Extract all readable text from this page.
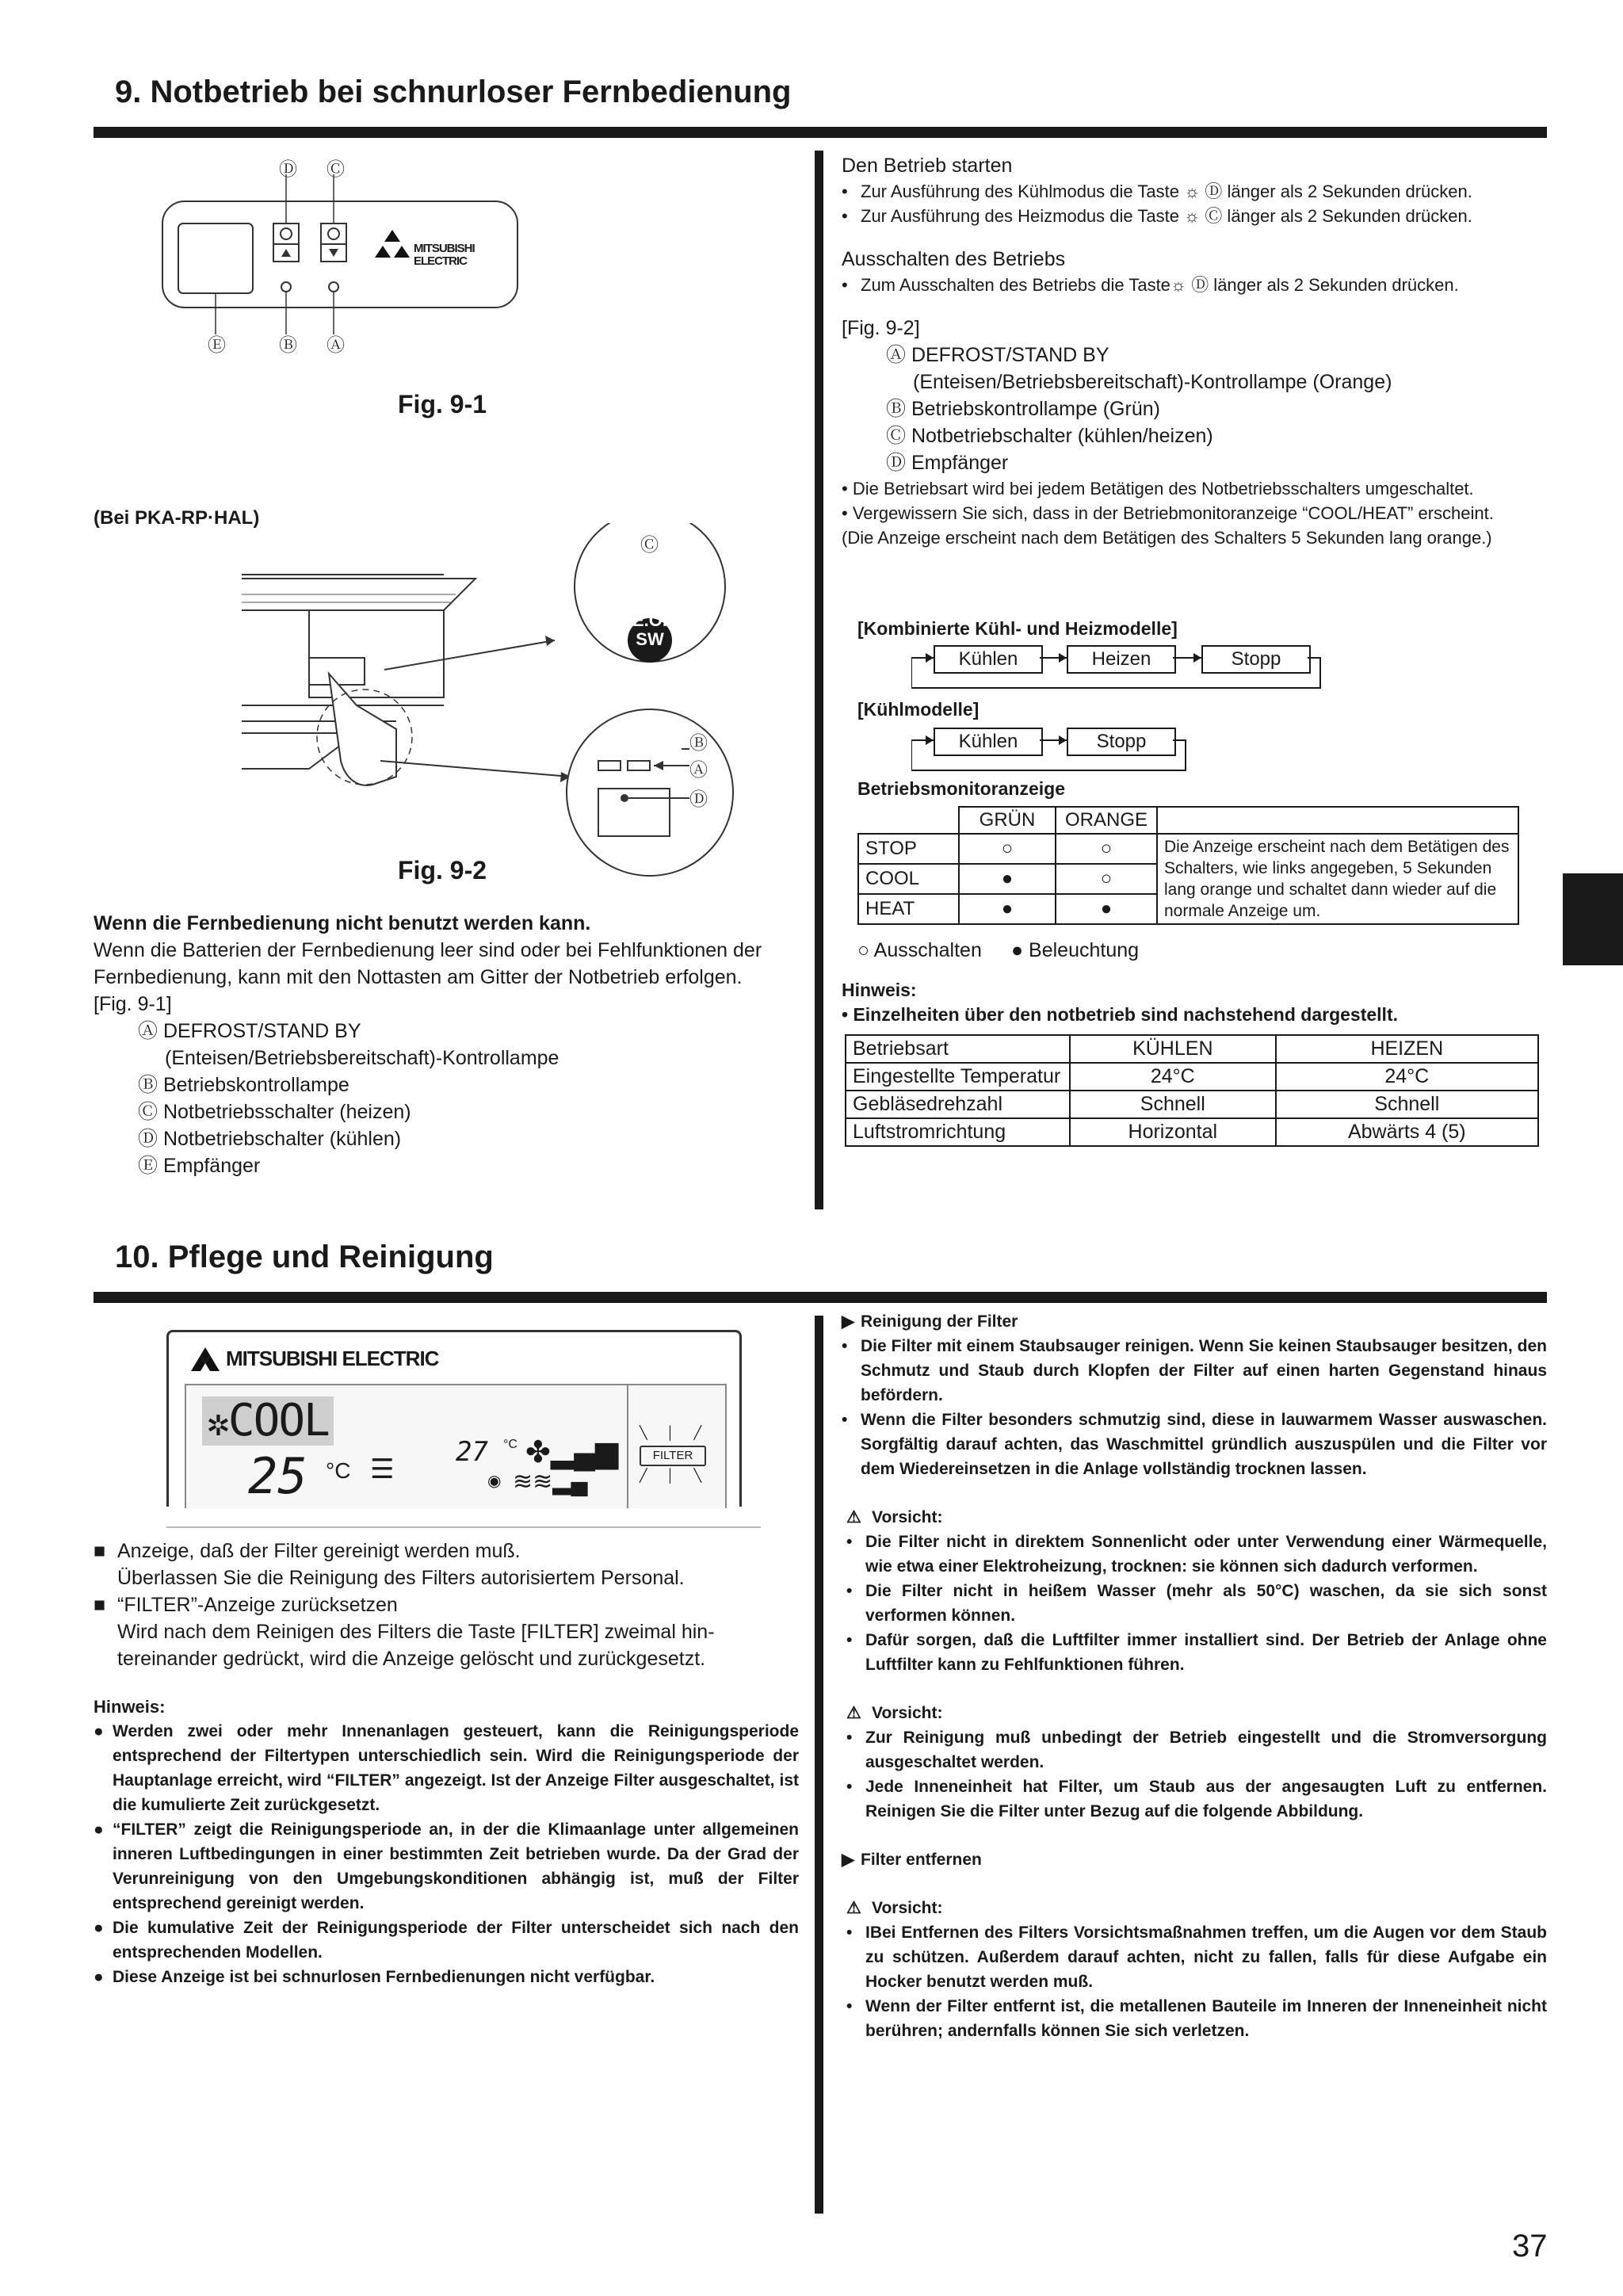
9. Notbetrieb bei schnurloser Fernbedienung
MITSUBISHI
ELECTRIC
Ⓓ Ⓒ
Ⓔ	Ⓑ Ⓐ
Fig. 9-1
(Bei PKA-RP·HAL)
Ⓒ
E.O.
SW
Ⓑ
Ⓐ
Ⓓ
Fig. 9-2
Wenn die Fernbedienung nicht benutzt werden kann.
Wenn die Batterien der Fernbedienung leer sind oder bei Fehlfunktionen der
Fernbedienung, kann mit den Nottasten am Gitter der Notbetrieb erfolgen.
[Fig. 9-1]
Ⓐ DEFROST/STAND BY
(Enteisen/Betriebsbereitschaft)-Kontrollampe
Ⓑ Betriebskontrollampe
Ⓒ Notbetriebsschalter (heizen)
Ⓓ Notbetriebschalter (kühlen)
Ⓔ Empfänger
Den Betrieb starten
• Zur Ausführung des Kühlmodus die Taste ☼ Ⓓ länger als 2 Sekunden drücken.
• Zur Ausführung des Heizmodus die Taste ☼ Ⓒ länger als 2 Sekunden drücken.
Ausschalten des Betriebs
• Zum Ausschalten des Betriebs die Taste☼ Ⓓ länger als 2 Sekunden drücken.
[Fig. 9-2]
Ⓐ DEFROST/STAND BY
(Enteisen/Betriebsbereitschaft)-Kontrollampe (Orange)
Ⓑ Betriebskontrollampe (Grün)
Ⓒ Notbetriebschalter (kühlen/heizen)
Ⓓ Empfänger
• Die Betriebsart wird bei jedem Betätigen des Notbetriebsschalters umgeschaltet.
• Vergewissern Sie sich, dass in der Betriebmonitoranzeige “COOL/HEAT” erscheint.
(Die Anzeige erscheint nach dem Betätigen des Schalters 5 Sekunden lang orange.)
[Kombinierte Kühl- und Heizmodelle]
Kühlen	Heizen	Stopp
[Kühlmodelle]
Kühlen	Stopp
Betriebsmonitoranzeige
	GRÜN	ORANGE	
STOP	○	○	Die Anzeige erscheint nach dem Betätigen des Schalters, wie links angegeben, 5 Sekunden lang orange und schaltet dann wieder auf die normale Anzeige um.
COOL	●	○	
HEAT	●	●	
○ Ausschalten ● Beleuchtung
Hinweis:
• Einzelheiten über den notbetrieb sind nachstehend dargestellt.
Betriebsart	KÜHLEN	HEIZEN
Eingestellte Temperatur	24°C	24°C
Gebläsedrehzahl	Schnell	Schnell
Luftstromrichtung	Horizontal	Abwärts 4 (5)
10. Pflege und Reinigung
MITSUBISHI ELECTRIC
✲COOL
25 °C ☰
27 °C ✤▂▄▆
◉ ≋≋▂▄
FILTER
╲ │ ╱
╱ │ ╲
■ Anzeige, daß der Filter gereinigt werden muß.
Überlassen Sie die Reinigung des Filters autorisiertem Personal.
■ “FILTER”-Anzeige zurücksetzen
Wird nach dem Reinigen des Filters die Taste [FILTER] zweimal hin-
tereinander gedrückt, wird die Anzeige gelöscht und zurückgesetzt.
Hinweis:
● Werden zwei oder mehr Innenanlagen gesteuert, kann die Reinigungsperiode entsprechend der Filtertypen unterschiedlich sein. Wird die Reinigungsperiode der Hauptanlage erreicht, wird “FILTER” angezeigt. Ist der Anzeige Filter ausgeschaltet, ist die kumulierte Zeit zurückgesetzt.
● “FILTER” zeigt die Reinigungsperiode an, in der die Klimaanlage unter allgemeinen inneren Luftbedingungen in einer bestimmten Zeit betrieben wurde. Da der Grad der Verunreinigung von den Umgebungskonditionen abhängig ist, muß der Filter entsprechend gereinigt werden.
● Die kumulative Zeit der Reinigungsperiode der Filter unterscheidet sich nach den entsprechenden Modellen.
● Diese Anzeige ist bei schnurlosen Fernbedienungen nicht verfügbar.
▶ Reinigung der Filter
• Die Filter mit einem Staubsauger reinigen. Wenn Sie keinen Staubsauger besitzen, den Schmutz und Staub durch Klopfen der Filter auf einen harten Gegenstand hinaus befördern.
• Wenn die Filter besonders schmutzig sind, diese in lauwarmem Wasser auswaschen. Sorgfältig darauf achten, das Waschmittel gründlich auszuspülen und die Filter vor dem Wiedereinsetzen in die Anlage vollständig trocknen lassen.
⚠ Vorsicht:
• Die Filter nicht in direktem Sonnenlicht oder unter Verwendung einer Wärmequelle, wie etwa einer Elektroheizung, trocknen: sie können sich dadurch verformen.
• Die Filter nicht in heißem Wasser (mehr als 50°C) waschen, da sie sich sonst verformen können.
• Dafür sorgen, daß die Luftfilter immer installiert sind. Der Betrieb der Anlage ohne Luftfilter kann zu Fehlfunktionen führen.
⚠ Vorsicht:
• Zur Reinigung muß unbedingt der Betrieb eingestellt und die Stromversorgung ausgeschaltet werden.
• Jede Inneneinheit hat Filter, um Staub aus der angesaugten Luft zu entfernen. Reinigen Sie die Filter unter Bezug auf die folgende Abbildung.
▶ Filter entfernen
⚠ Vorsicht:
• IBei Entfernen des Filters Vorsichtsmaßnahmen treffen, um die Augen vor dem Staub zu schützen. Außerdem darauf achten, nicht zu fallen, falls für diese Aufgabe ein Hocker benutzt werden muß.
• Wenn der Filter entfernt ist, die metallenen Bauteile im Inneren der Inneneinheit nicht berühren; andernfalls können Sie sich verletzen.
37
